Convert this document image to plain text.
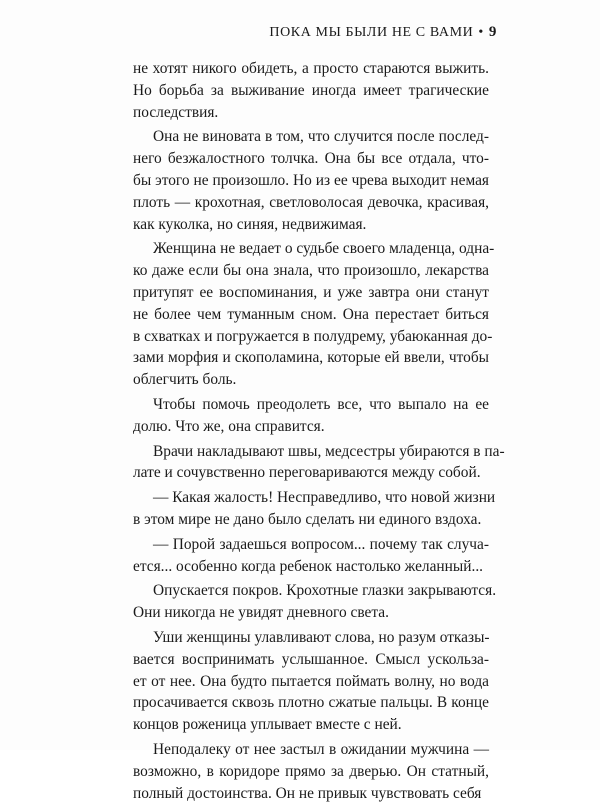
ПОКА МЫ БЫЛИ НЕ С ВАМИ • 9
не хотят никого обидеть, а просто стараются выжить.
Но борьба за выживание иногда имеет трагические
последствия.
Она не виновата в том, что случится после послед-
него безжалостного толчка. Она бы все отдала, что-
бы этого не произошло. Но из ее чрева выходит немая
плоть — крохотная, светловолосая девочка, красивая,
как куколка, но синяя, недвижимая.
Женщина не ведает о судьбе своего младенца, одна-
ко даже если бы она знала, что произошло, лекарства
притупят ее воспоминания, и уже завтра они станут
не более чем туманным сном. Она перестает биться
в схватках и погружается в полудрему, убаюканная до-
зами морфия и скополамина, которые ей ввели, чтобы
облегчить боль.
Чтобы помочь преодолеть все, что выпало на ее
долю. Что же, она справится.
Врачи накладывают швы, медсестры убираются в па-
лате и сочувственно переговариваются между собой.
— Какая жалость! Несправедливо, что новой жизни
в этом мире не дано было сделать ни единого вздоха.
— Порой задаешься вопросом... почему так случа-
ется... особенно когда ребенок настолько желанный...
Опускается покров. Крохотные глазки закрываются.
Они никогда не увидят дневного света.
Уши женщины улавливают слова, но разум отказы-
вается воспринимать услышанное. Смысл ускольза-
ет от нее. Она будто пытается поймать волну, но вода
просачивается сквозь плотно сжатые пальцы. В конце
концов роженица уплывает вместе с ней.
Неподалеку от нее застыл в ожидании мужчина —
возможно, в коридоре прямо за дверью. Он статный,
полный достоинства. Он не привык чувствовать себя
